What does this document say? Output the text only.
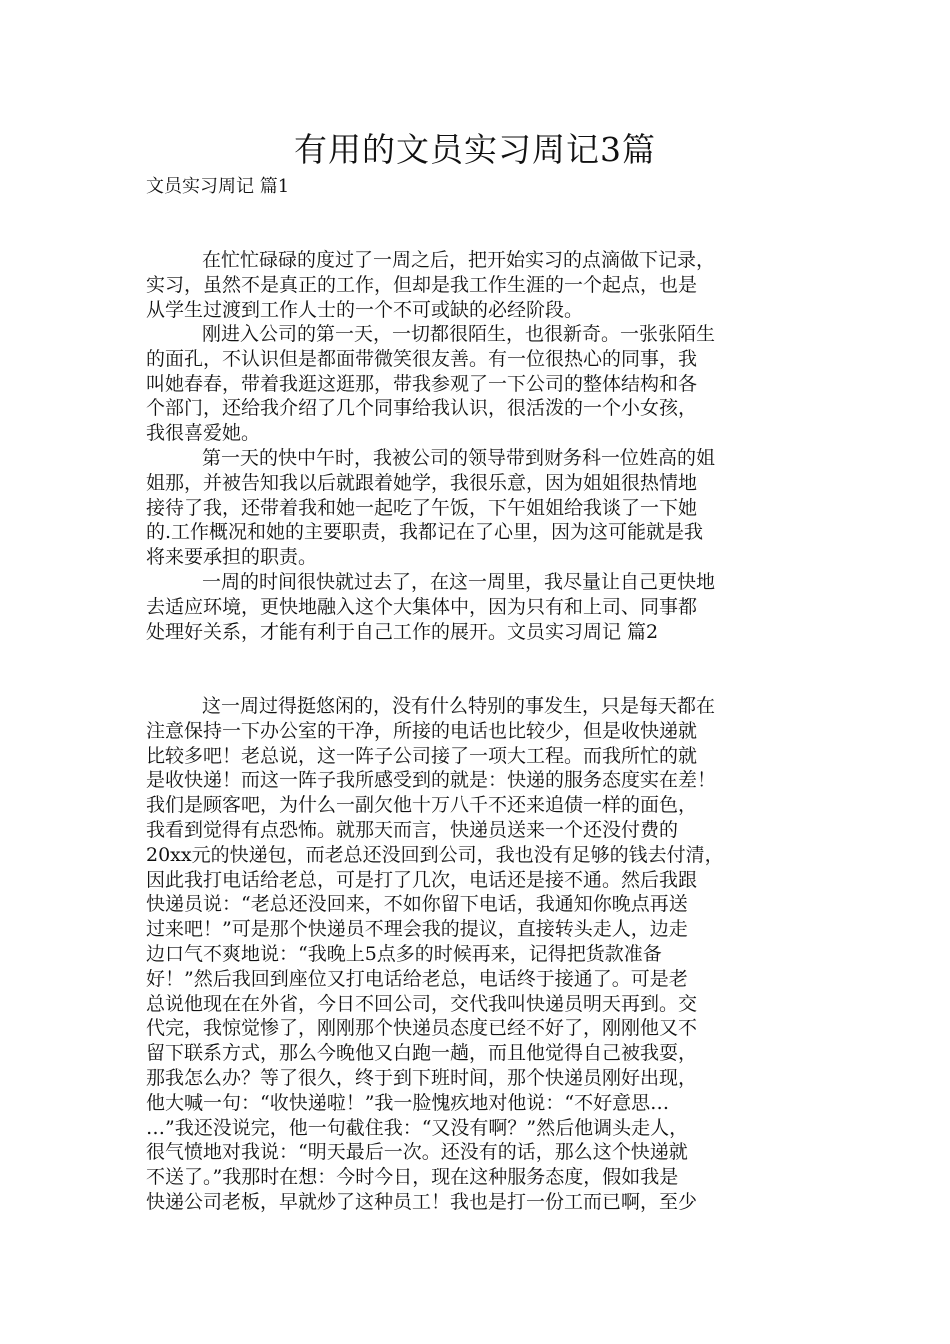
有用的文员实习周记3篇
文员实习周记 篇1
在忙忙碌碌的度过了一周之后，把开始实习的点滴做下记录，
实习，虽然不是真正的工作，但却是我工作生涯的一个起点，也是
从学生过渡到工作人士的一个不可或缺的必经阶段。
刚进入公司的第一天，一切都很陌生，也很新奇。一张张陌生
的面孔，不认识但是都面带微笑很友善。有一位很热心的同事，我
叫她春春，带着我逛这逛那，带我参观了一下公司的整体结构和各
个部门，还给我介绍了几个同事给我认识，很活泼的一个小女孩，
我很喜爱她。
第一天的快中午时，我被公司的领导带到财务科一位姓高的姐
姐那，并被告知我以后就跟着她学，我很乐意，因为姐姐很热情地
接待了我，还带着我和她一起吃了午饭，下午姐姐给我谈了一下她
的.工作概况和她的主要职责，我都记在了心里，因为这可能就是我
将来要承担的职责。
一周的时间很快就过去了，在这一周里，我尽量让自己更快地
去适应环境，更快地融入这个大集体中，因为只有和上司、同事都
处理好关系，才能有利于自己工作的展开。文员实习周记 篇2
这一周过得挺悠闲的，没有什么特别的事发生，只是每天都在
注意保持一下办公室的干净，所接的电话也比较少，但是收快递就
比较多吧！老总说，这一阵子公司接了一项大工程。而我所忙的就
是收快递！而这一阵子我所感受到的就是：快递的服务态度实在差！
我们是顾客吧，为什么一副欠他十万八千不还来追债一样的面色，
我看到觉得有点恐怖。就那天而言，快递员送来一个还没付费的
20xx元的快递包，而老总还没回到公司，我也没有足够的钱去付清，
因此我打电话给老总，可是打了几次，电话还是接不通。然后我跟
快递员说：“老总还没回来，不如你留下电话，我通知你晚点再送
过来吧！”可是那个快递员不理会我的提议，直接转头走人，边走
边口气不爽地说：“我晚上5点多的时候再来，记得把货款准备
好！”然后我回到座位又打电话给老总，电话终于接通了。可是老
总说他现在在外省，今日不回公司，交代我叫快递员明天再到。交
代完，我惊觉惨了，刚刚那个快递员态度已经不好了，刚刚他又不
留下联系方式，那么今晚他又白跑一趟，而且他觉得自己被我耍，
那我怎么办？等了很久，终于到下班时间，那个快递员刚好出现，
他大喊一句：“收快递啦！”我一脸愧疚地对他说：“不好意思…
…”我还没说完，他一句截住我：“又没有啊？”然后他调头走人，
很气愤地对我说：“明天最后一次。还没有的话，那么这个快递就
不送了。”我那时在想：今时今日，现在这种服务态度，假如我是
快递公司老板，早就炒了这种员工！我也是打一份工而已啊，至少
